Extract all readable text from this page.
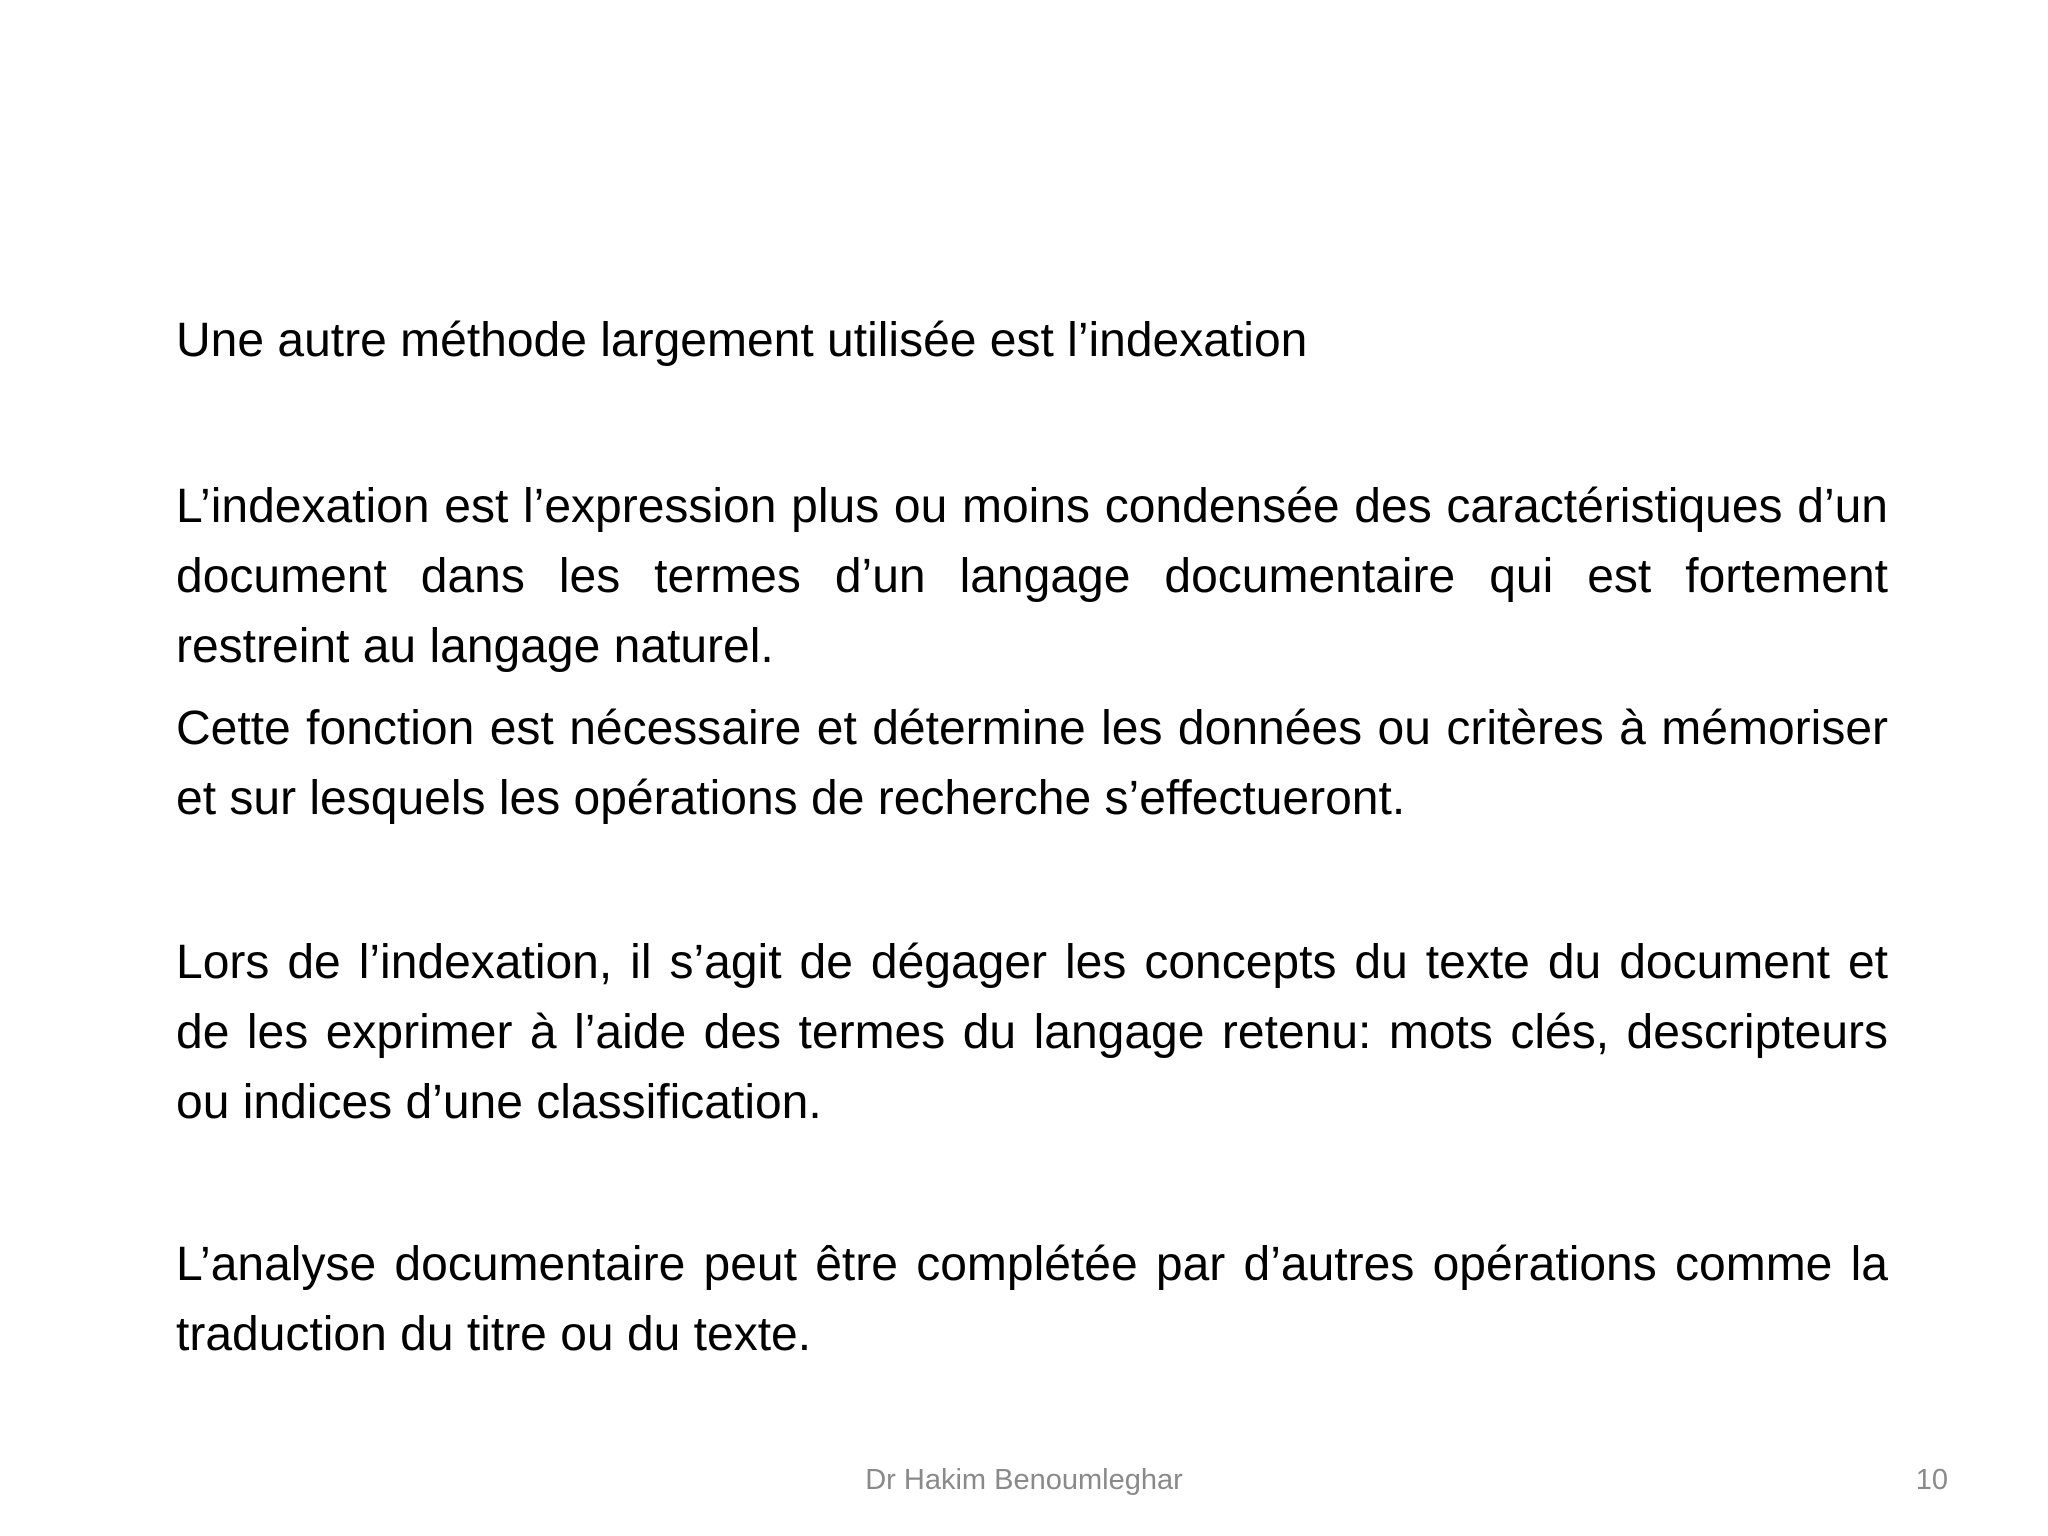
Une autre méthode largement utilisée est l’indexation

L’indexation est l’expression plus ou moins condensée des caractéristiques d’un document dans les termes d’un langage documentaire qui est fortement restreint au langage naturel.

Cette fonction est nécessaire et détermine les données ou critères à mémoriser et sur lesquels les opérations de recherche s’effectueront.

Lors de l’indexation, il s’agit de dégager les concepts du texte du document et de les exprimer à l’aide des termes du langage retenu: mots clés, descripteurs ou indices d’une classification.

L’analyse documentaire peut être complétée par d’autres opérations comme la traduction du titre ou du texte.

Dr Hakim Benoumleghar	10
